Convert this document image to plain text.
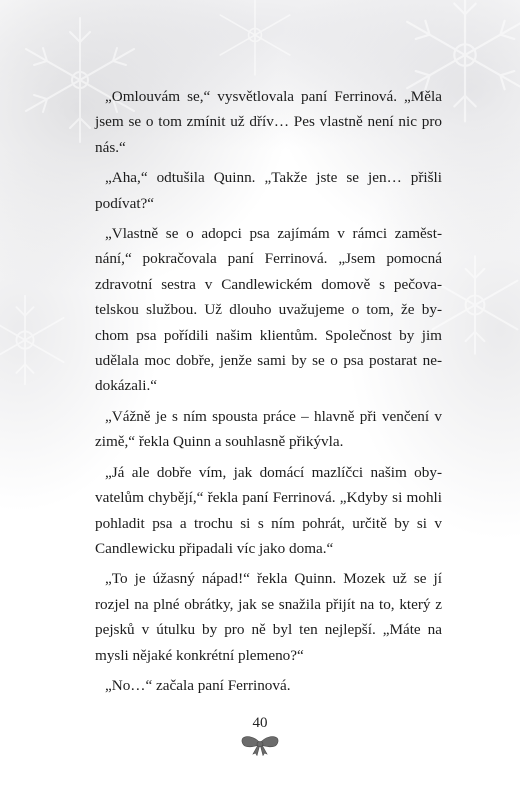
„Omlouvám se,“ vysvětlovala paní Ferrinová. „Měla jsem se o tom zmínit už dřív… Pes vlastně není nic pro nás.“

„Aha,“ odtušila Quinn. „Takže jste se jen… přišli podívat?“

„Vlastně se o adopci psa zajímám v rámci zaměstnání,“ pokračovala paní Ferrinová. „Jsem pomocná zdravotní sestra v Candlewickém domově s pečovatelskou službou. Už dlouho uvažujeme o tom, že bychom psa pořídili našim klientům. Společnost by jim udělala moc dobře, jenže sami by se o psa postarat nedokázali.“

„Vážně je s ním spousta práce – hlavně při venčení v zimě,“ řekla Quinn a souhlasně přikývla.

„Já ale dobře vím, jak domácí mazlíčci našim obyvatelům chybějí,“ řekla paní Ferrinová. „Kdyby si mohli pohladit psa a trochu si s ním pohrát, určitě by si v Candlewicku připadali víc jako doma.“

„To je úžasný nápad!“ řekla Quinn. Mozek už se jí rozjel na plné obrátky, jak se snažila přijít na to, který z pejsků v útulku by pro ně byl ten nejlepší. „Máte na mysli nějaké konkrétní plemeno?“

„No…“ začala paní Ferrinová.

40
